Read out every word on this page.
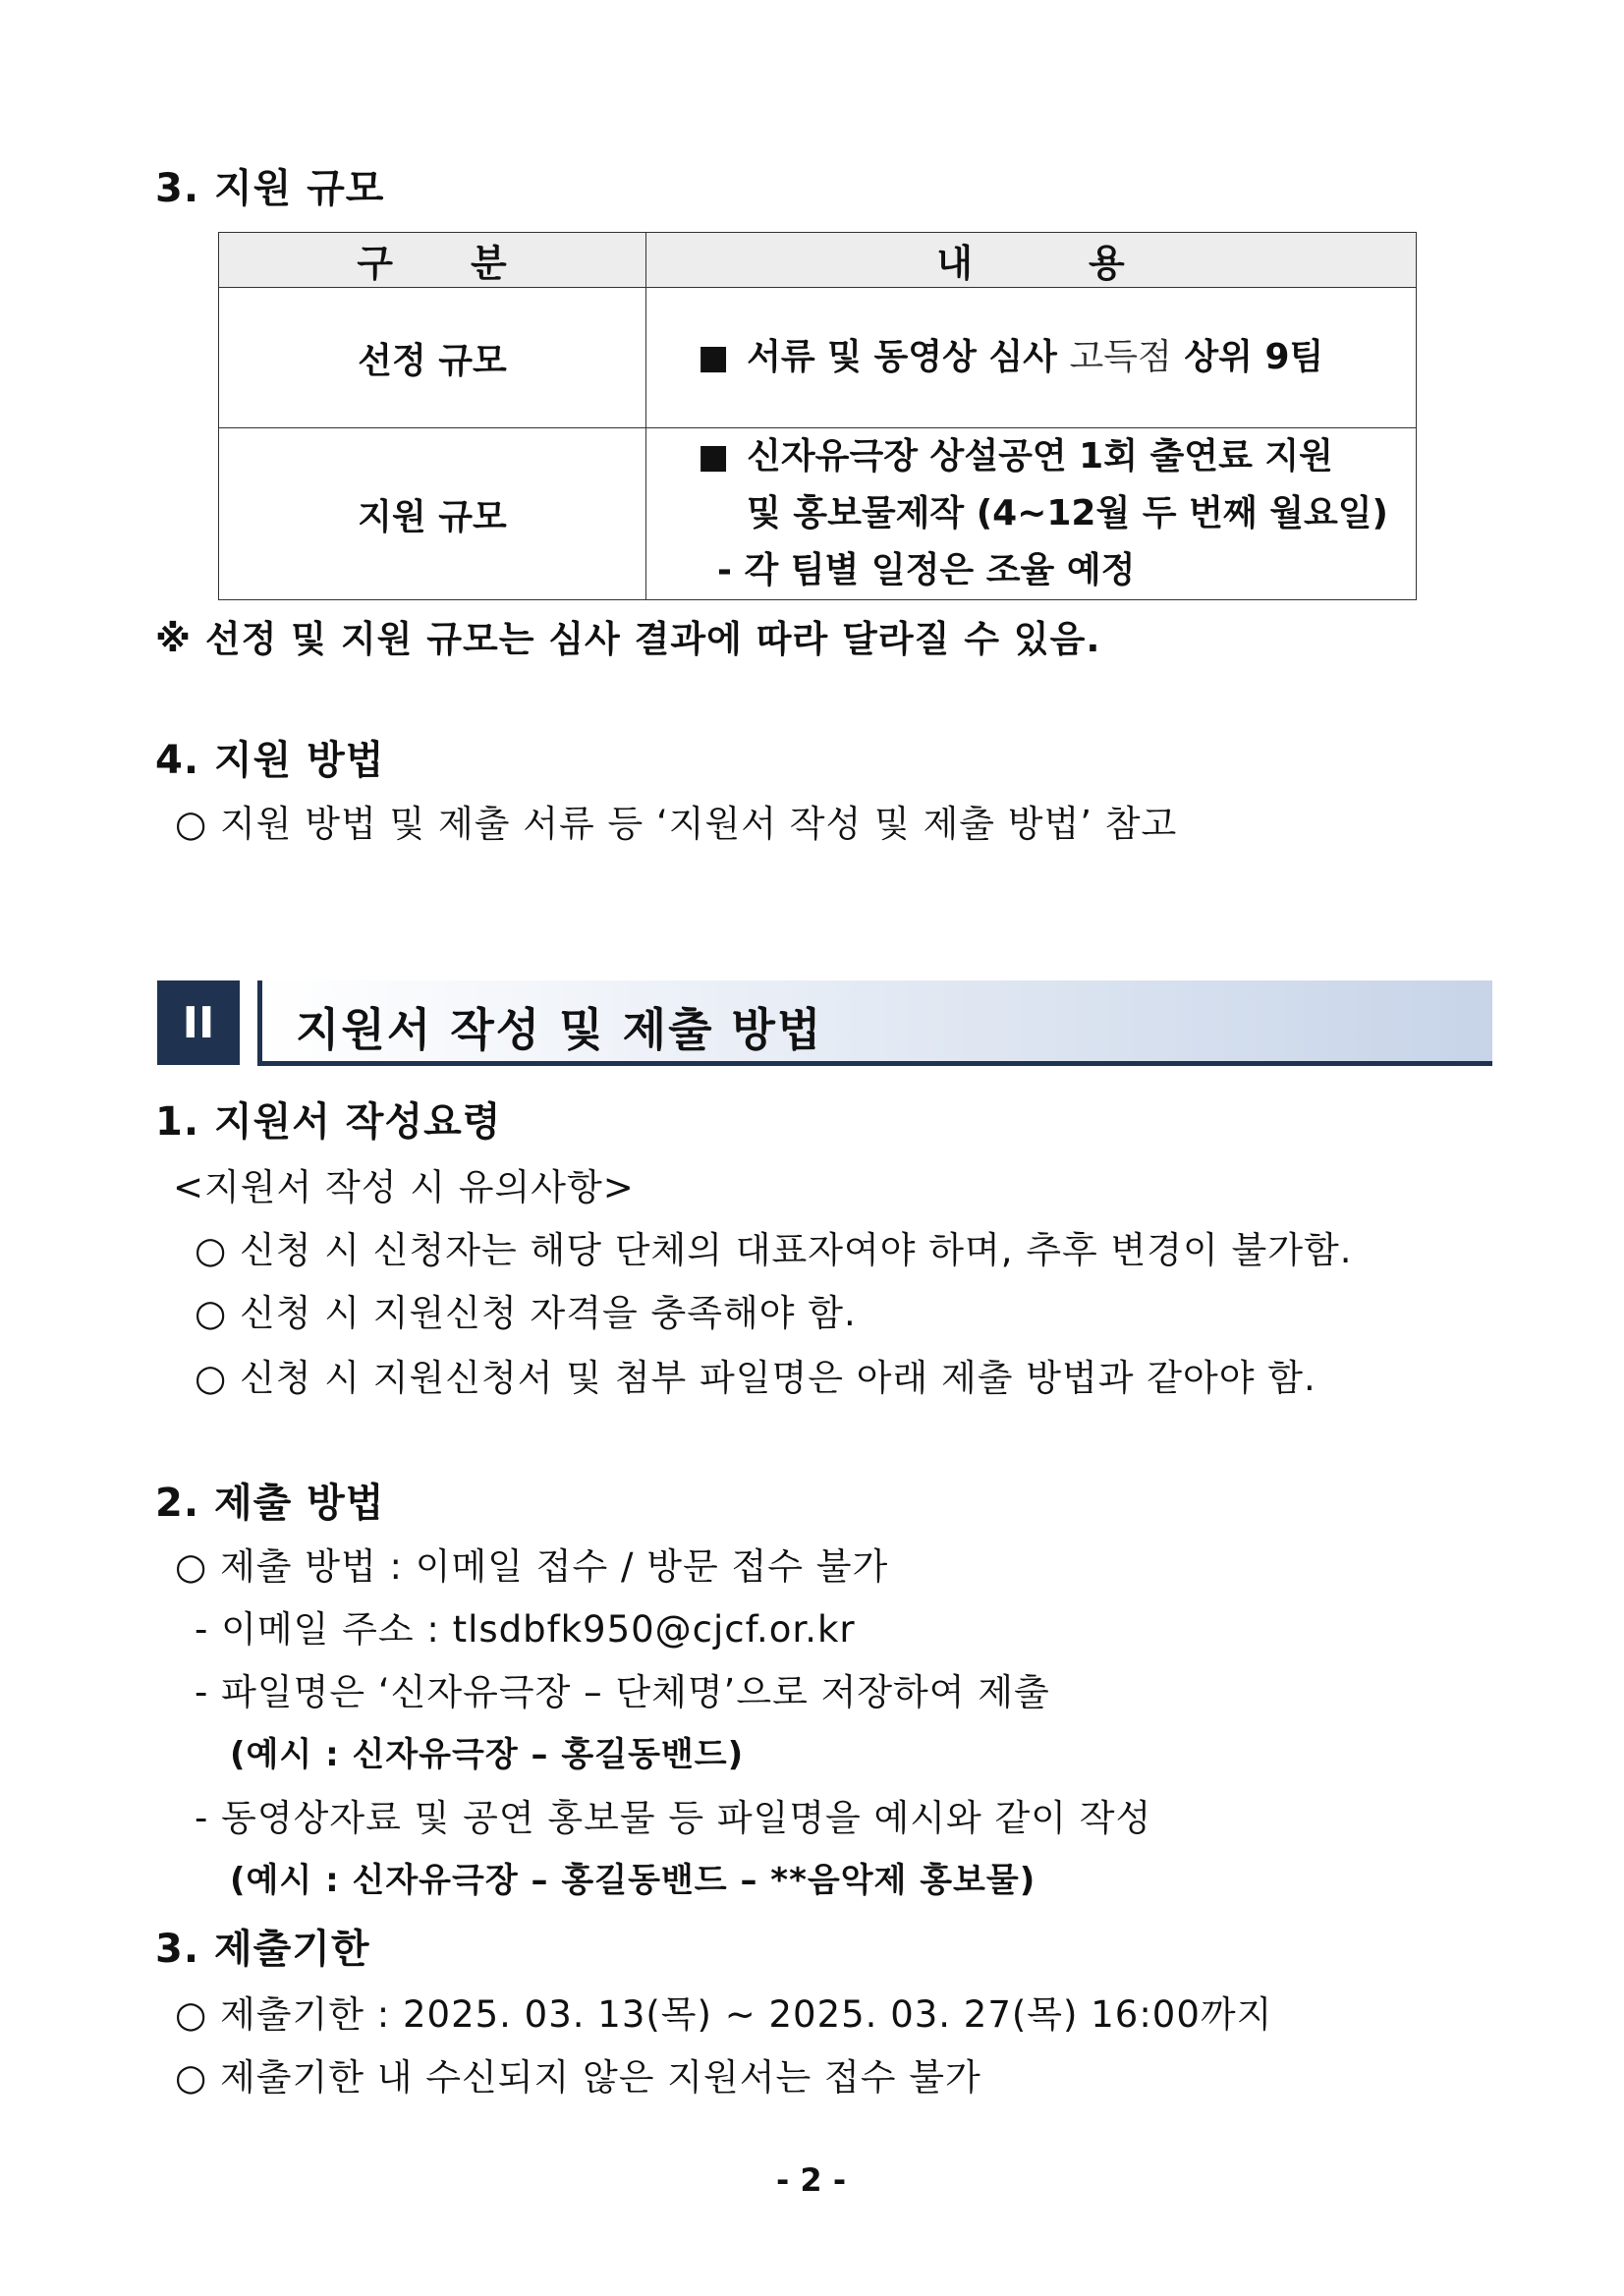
3. 지원 규모
구　　분	내　　　용
선정 규모	■ 서류 및 동영상 심사 고득점 상위 9팀

지원 규모	■ 신자유극장 상설공연 1회 출연료 지원
및 홍보물제작 (4~12월 두 번째 월요일)
- 각 팀별 일정은 조율 예정
※ 선정 및 지원 규모는 심사 결과에 따라 달라질 수 있음.
4. 지원 방법
○ 지원 방법 및 제출 서류 등 ‘지원서 작성 및 제출 방법’ 참고
II	지원서 작성 및 제출 방법
1. 지원서 작성요령
<지원서 작성 시 유의사항>
○ 신청 시 신청자는 해당 단체의 대표자여야 하며, 추후 변경이 불가함.
○ 신청 시 지원신청 자격을 충족해야 함.
○ 신청 시 지원신청서 및 첨부 파일명은 아래 제출 방법과 같아야 함.
2. 제출 방법
○ 제출 방법 : 이메일 접수 / 방문 접수 불가
- 이메일 주소 : tlsdbfk950@cjcf.or.kr
- 파일명은 ‘신자유극장 – 단체명’으로 저장하여 제출
(예시 : 신자유극장 – 홍길동밴드)
- 동영상자료 및 공연 홍보물 등 파일명을 예시와 같이 작성
(예시 : 신자유극장 – 홍길동밴드 – **음악제 홍보물)
3. 제출기한
○ 제출기한 : 2025. 03. 13(목) ~ 2025. 03. 27(목) 16:00까지
○ 제출기한 내 수신되지 않은 지원서는 접수 불가
- 2 -
